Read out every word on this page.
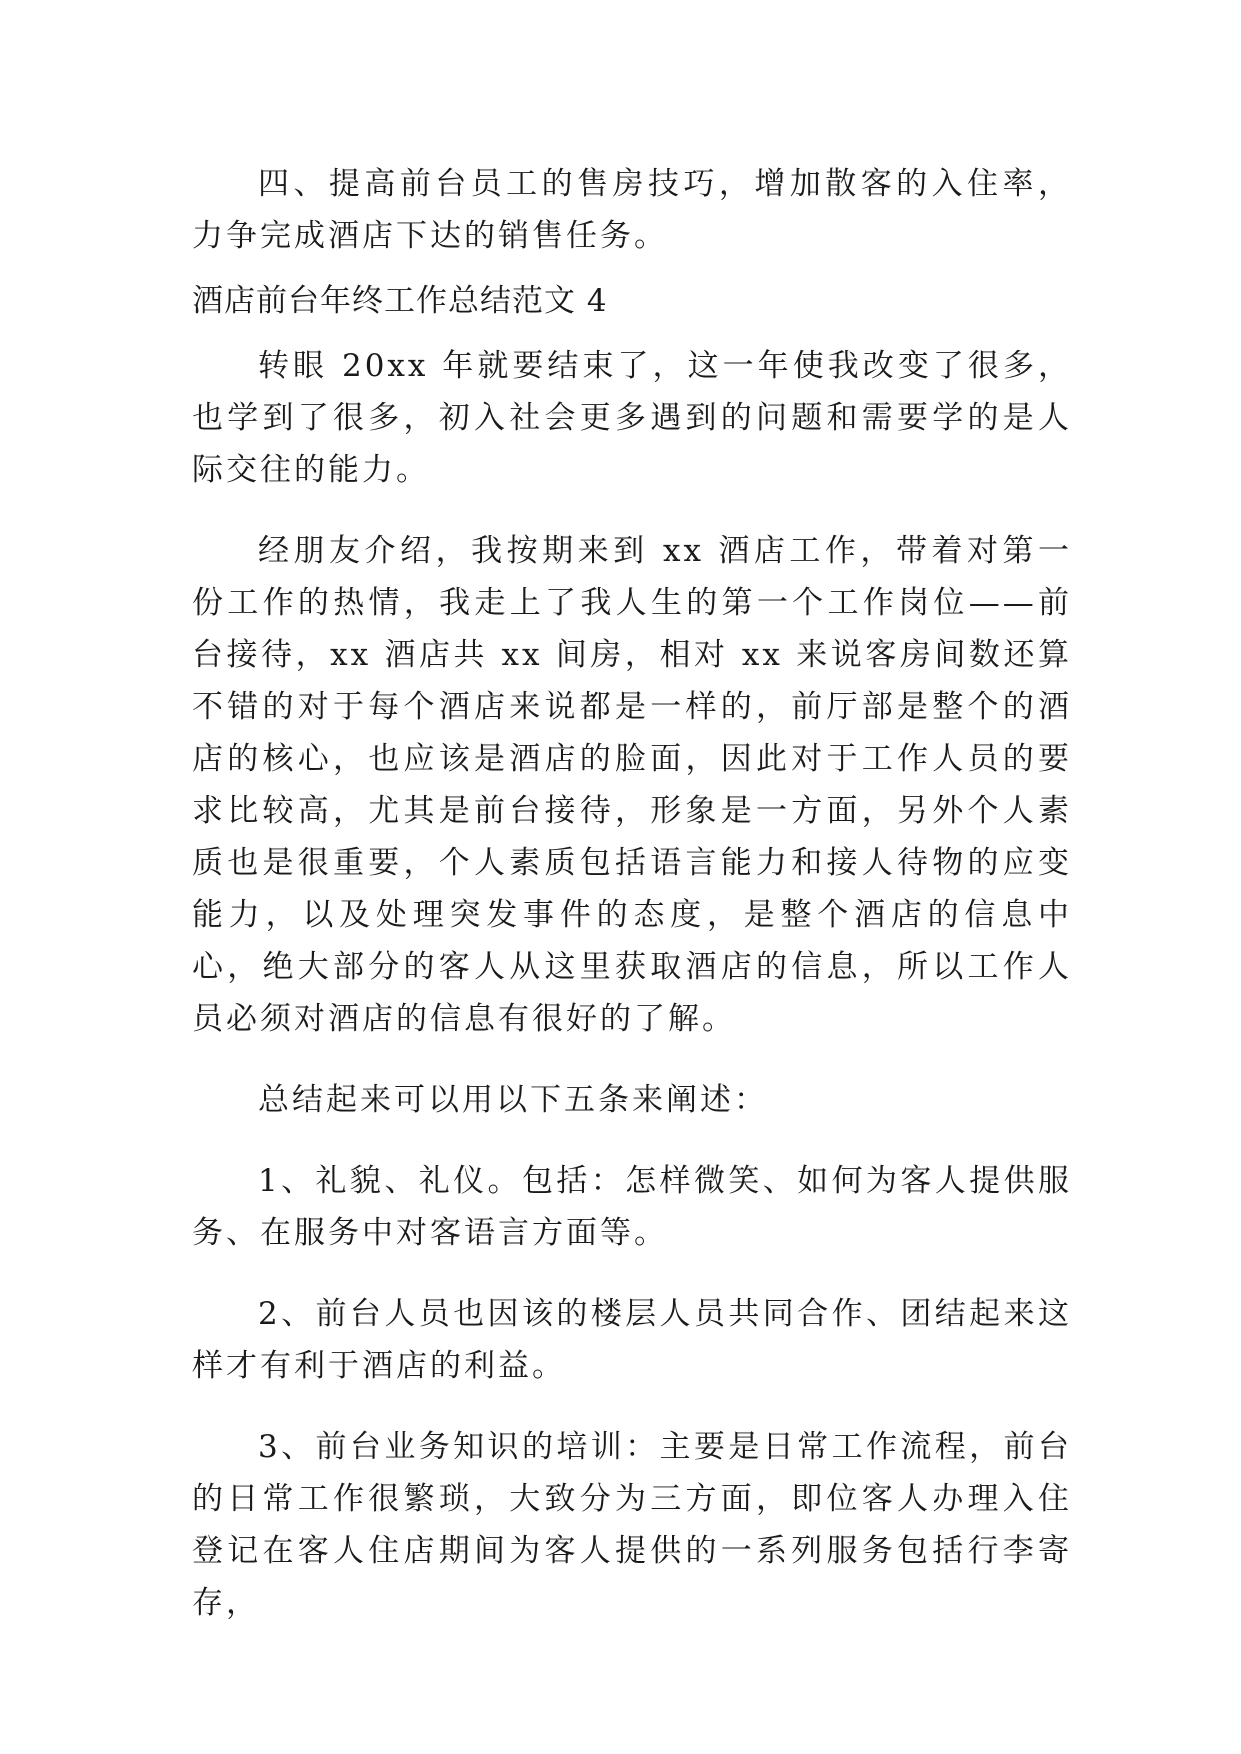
四、提高前台员工的售房技巧，增加散客的入住率，力争完成酒店下达的销售任务。

酒店前台年终工作总结范文 4

转眼 20xx 年就要结束了，这一年使我改变了很多，也学到了很多，初入社会更多遇到的问题和需要学的是人际交往的能力。

经朋友介绍，我按期来到 xx 酒店工作，带着对第一份工作的热情，我走上了我人生的第一个工作岗位——前台接待，xx 酒店共 xx 间房，相对 xx 来说客房间数还算不错的对于每个酒店来说都是一样的，前厅部是整个的酒店的核心，也应该是酒店的脸面，因此对于工作人员的要求比较高，尤其是前台接待，形象是一方面，另外个人素质也是很重要，个人素质包括语言能力和接人待物的应变能力，以及处理突发事件的态度，是整个酒店的信息中心，绝大部分的客人从这里获取酒店的信息，所以工作人员必须对酒店的信息有很好的了解。

总结起来可以用以下五条来阐述：

1、礼貌、礼仪。包括：怎样微笑、如何为客人提供服务、在服务中对客语言方面等。

2、前台人员也因该的楼层人员共同合作、团结起来这样才有利于酒店的利益。

3、前台业务知识的培训：主要是日常工作流程，前台的日常工作很繁琐，大致分为三方面，即位客人办理入住登记在客人住店期间为客人提供的一系列服务包括行李寄存，
